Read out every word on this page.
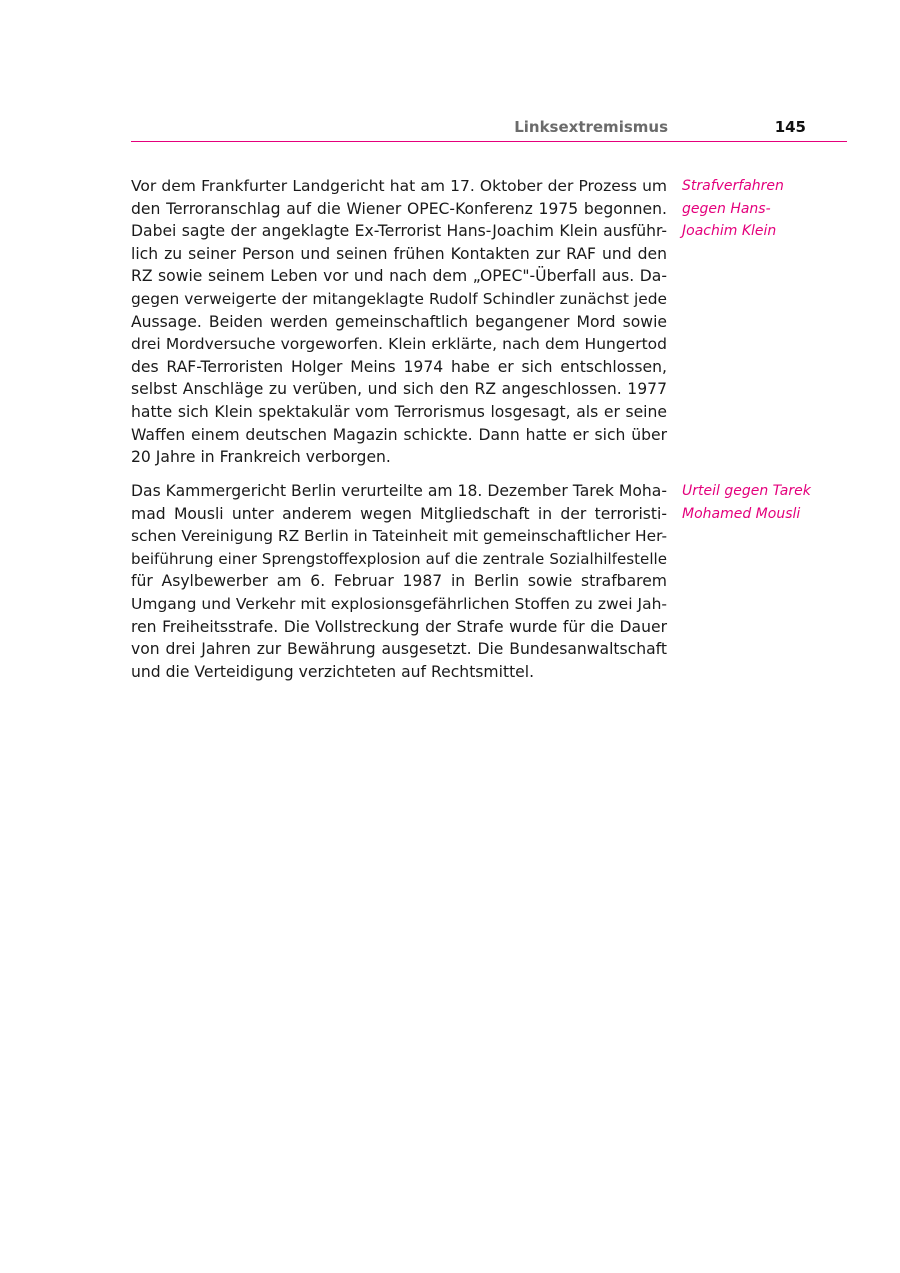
Linksextremismus	145
Vor dem Frankfurter Landgericht hat am 17. Oktober der Prozess um
den Terroranschlag auf die Wiener OPEC-Konferenz 1975 begonnen.
Dabei sagte der angeklagte Ex-Terrorist Hans-Joachim Klein ausführ-
lich zu seiner Person und seinen frühen Kontakten zur RAF und den
RZ sowie seinem Leben vor und nach dem „OPEC"-Überfall aus. Da-
gegen verweigerte der mitangeklagte Rudolf Schindler zunächst jede
Aussage. Beiden werden gemeinschaftlich begangener Mord sowie
drei Mordversuche vorgeworfen. Klein erklärte, nach dem Hungertod
des RAF-Terroristen Holger Meins 1974 habe er sich entschlossen,
selbst Anschläge zu verüben, und sich den RZ angeschlossen. 1977
hatte sich Klein spektakulär vom Terrorismus losgesagt, als er seine
Waffen einem deutschen Magazin schickte. Dann hatte er sich über
20 Jahre in Frankreich verborgen.
Strafverfahren
gegen Hans-
Joachim Klein
Das Kammergericht Berlin verurteilte am 18. Dezember Tarek Moha-
mad Mousli unter anderem wegen Mitgliedschaft in der terroristi-
schen Vereinigung RZ Berlin in Tateinheit mit gemeinschaftlicher Her-
beiführung einer Sprengstoffexplosion auf die zentrale Sozialhilfestelle
für Asylbewerber am 6. Februar 1987 in Berlin sowie strafbarem
Umgang und Verkehr mit explosionsgefährlichen Stoffen zu zwei Jah-
ren Freiheitsstrafe. Die Vollstreckung der Strafe wurde für die Dauer
von drei Jahren zur Bewährung ausgesetzt. Die Bundesanwaltschaft
und die Verteidigung verzichteten auf Rechtsmittel.
Urteil gegen Tarek
Mohamed Mousli
